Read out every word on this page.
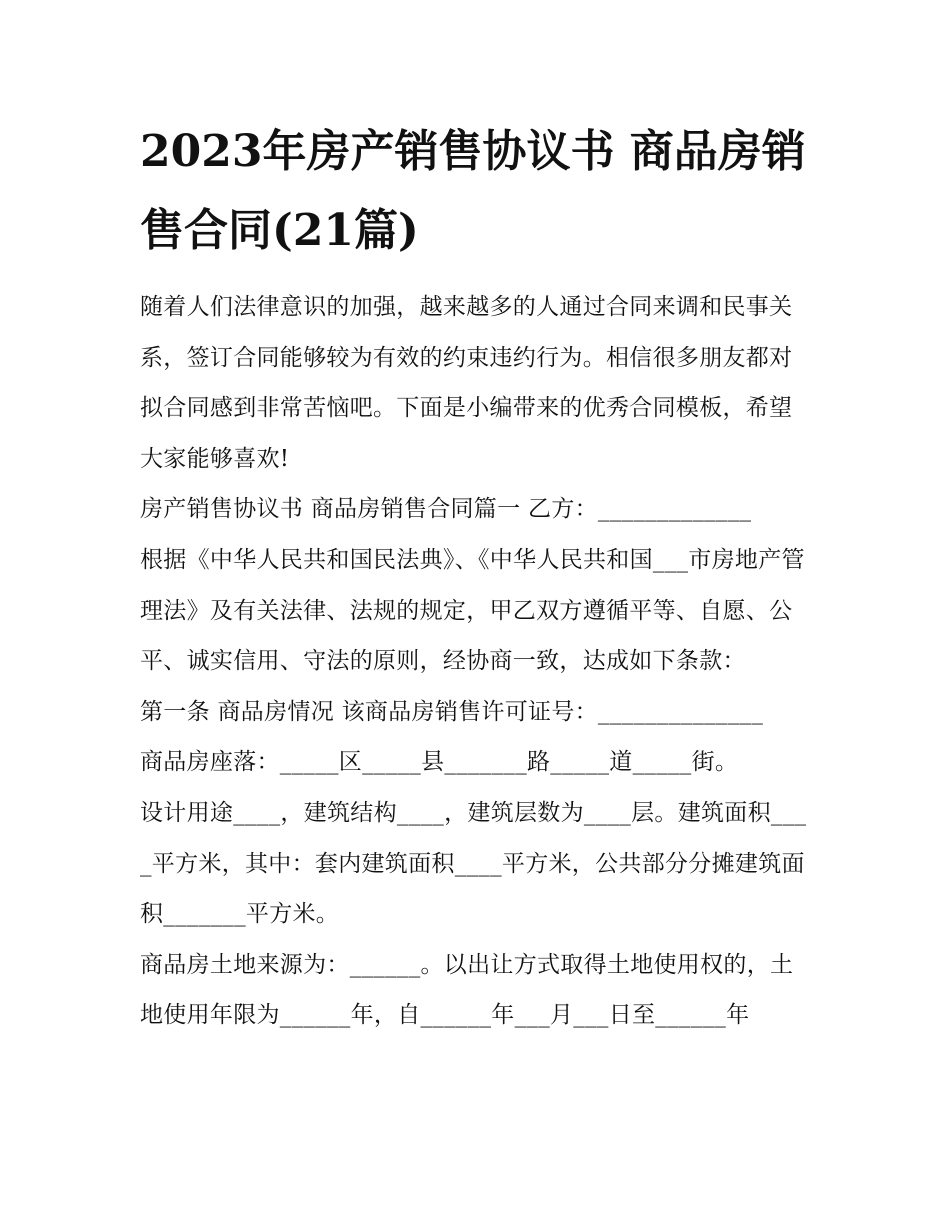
2023年房产销售协议书 商品房销售合同(21篇)

随着人们法律意识的加强，越来越多的人通过合同来调和民事关系，签订合同能够较为有效的约束违约行为。相信很多朋友都对拟合同感到非常苦恼吧。下面是小编带来的优秀合同模板，希望大家能够喜欢!

房产销售协议书 商品房销售合同篇一 乙方：_____________

根据《中华人民共和国民法典》、《中华人民共和国___市房地产管理法》及有关法律、法规的规定，甲乙双方遵循平等、自愿、公平、诚实信用、守法的原则，经协商一致，达成如下条款：

第一条 商品房情况 该商品房销售许可证号：______________

商品房座落：_____区_____县_______路_____道_____街。

设计用途____，建筑结构____，建筑层数为____层。建筑面积____平方米，其中：套内建筑面积____平方米，公共部分分摊建筑面积_______平方米。

商品房土地来源为：______。以出让方式取得土地使用权的，土地使用年限为______年，自______年___月___日至______年
